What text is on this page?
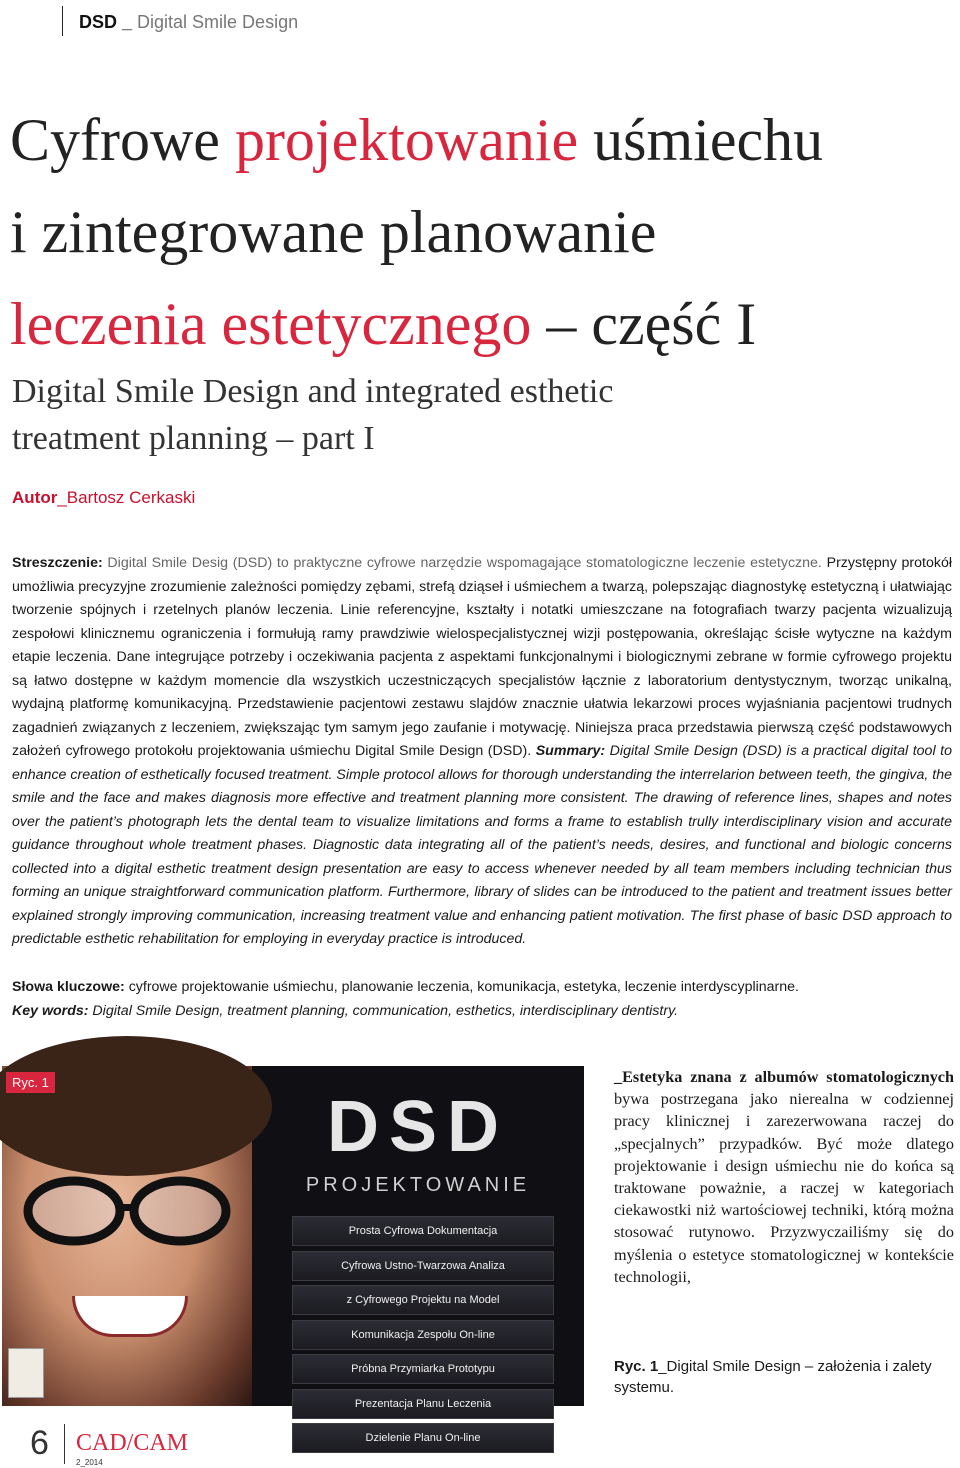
DSD _ Digital Smile Design
Cyfrowe projektowanie uśmiechu
i zintegrowane planowanie
leczenia estetycznego – część I
Digital Smile Design and integrated esthetic
treatment planning – part I
Autor_Bartosz Cerkaski
Streszczenie: Digital Smile Desig (DSD) to praktyczne cyfrowe narzędzie wspomagające stomatologiczne leczenie estetyczne. Przystępny protokół umożliwia precyzyjne zrozumienie zależności pomiędzy zębami, strefą dziąseł i uśmiechem a twarzą, polepszając diagnostykę estetyczną i ułatwiając tworzenie spójnych i rzetelnych planów leczenia. Linie referencyjne, kształty i notatki umieszczane na fotografiach twarzy pacjenta wizualizują zespołowi klinicznemu ograniczenia i formułują ramy prawdziwie wielospecjalistycznej wizji postępowania, określając ścisłe wytyczne na każdym etapie leczenia. Dane integrujące potrzeby i oczekiwania pacjenta z aspektami funkcjonalnymi i biologicznymi zebrane w formie cyfrowego projektu są łatwo dostępne w każdym momencie dla wszystkich uczestniczących specjalistów łącznie z laboratorium dentystycznym, tworząc unikalną, wydajną platformę komunikacyjną. Przedstawienie pacjentowi zestawu slajdów znacznie ułatwia lekarzowi proces wyjaśniania pacjentowi trudnych zagadnień związanych z leczeniem, zwiększając tym samym jego zaufanie i motywację. Niniejsza praca przedstawia pierwszą część podstawowych założeń cyfrowego protokołu projektowania uśmiechu Digital Smile Design (DSD). Summary: Digital Smile Design (DSD) is a practical digital tool to enhance creation of esthetically focused treatment. Simple protocol allows for thorough understanding the interrelarion between teeth, the gingiva, the smile and the face and makes diagnosis more effective and treatment planning more consistent. The drawing of reference lines, shapes and notes over the patient’s photograph lets the dental team to visualize limitations and forms a frame to establish trully interdisciplinary vision and accurate guidance throughout whole treatment phases. Diagnostic data integrating all of the patient’s needs, desires, and functional and biologic concerns collected into a digital esthetic treatment design presentation are easy to access whenever needed by all team members including technician thus forming an unique straightforward communication platform. Furthermore, library of slides can be introduced to the patient and treatment issues better explained strongly improving communication, increasing treatment value and enhancing patient motivation. The first phase of basic DSD approach to predictable esthetic rehabilitation for employing in everyday practice is introduced.
Słowa kluczowe: cyfrowe projektowanie uśmiechu, planowanie leczenia, komunikacja, estetyka, leczenie interdyscyplinarne.
Key words: Digital Smile Design, treatment planning, communication, esthetics, interdisciplinary dentistry.
Ryc. 1
DSD
PROJEKTOWANIE
Prosta Cyfrowa Dokumentacja
Cyfrowa Ustno-Twarzowa Analiza
z Cyfrowego Projektu na Model
Komunikacja Zespołu On-line
Próbna Przymiarka Prototypu
Prezentacja Planu Leczenia
Dzielenie Planu On-line
_Estetyka znana z albumów stomatologicznych bywa postrzegana jako nierealna w codziennej pracy klinicznej i zarezerwowana raczej do „specjalnych” przypadków. Być może dlatego projektowanie i design uśmiechu nie do końca są traktowane poważnie, a raczej w kategoriach ciekawostki niż wartościowej techniki, którą można stosować rutynowo. Przyzwyczailiśmy się do myślenia o estetyce stomatologicznej w kontekście technologii,
Ryc. 1_Digital Smile Design – założenia i zalety systemu.
6 CAD/CAM
2_2014
